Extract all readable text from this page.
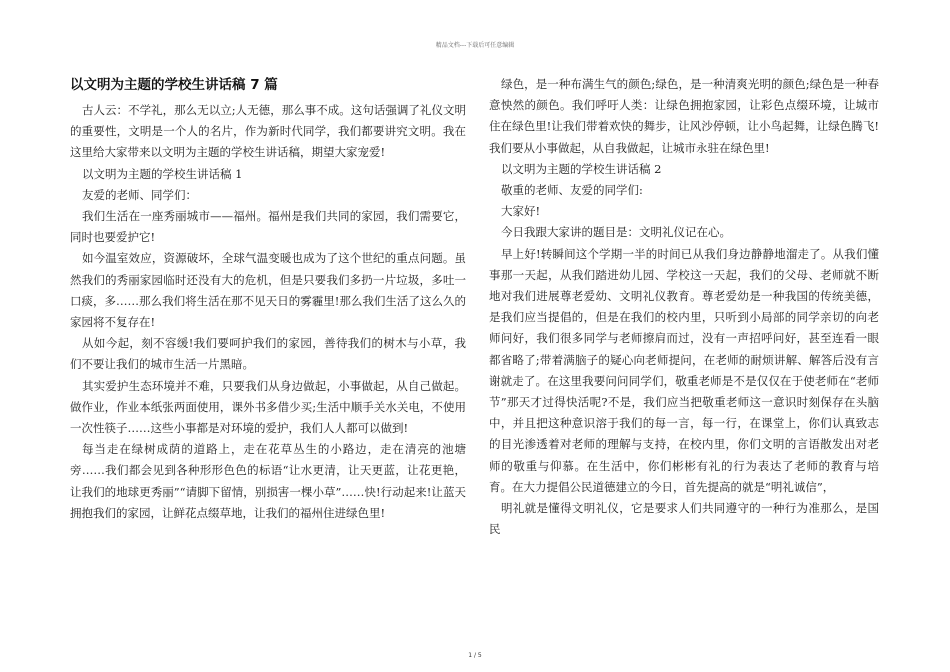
精品文档---下载后可任意编辑
以文明为主题的学校生讲话稿 7 篇

古人云：不学礼，那么无以立;人无德，那么事不成。这句话强调了礼仪文明的重要性，文明是一个人的名片，作为新时代同学，我们都要讲究文明。我在这里给大家带来以文明为主题的学校生讲话稿，期望大家宠爱!

以文明为主题的学校生讲话稿 1

友爱的老师、同学们：

我们生活在一座秀丽城市——福州。福州是我们共同的家园，我们需要它，同时也要爱护它!

如今温室效应，资源破坏，全球气温变暖也成为了这个世纪的重点问题。虽然我们的秀丽家园临时还没有大的危机，但是只要我们多扔一片垃圾，多吐一口痰，多……那么我们将生活在那不见天日的雾霾里!那么我们生活了这么久的家园将不复存在!

从如今起，刻不容缓!我们要呵护我们的家园，善待我们的树木与小草，我们不要让我们的城市生活一片黑暗。

其实爱护生态环境并不难，只要我们从身边做起，小事做起，从自己做起。做作业，作业本纸张两面使用，课外书多借少买;生活中顺手关水关电，不使用一次性筷子……这些小事都是对环境的爱护，我们人人都可以做到!

每当走在绿树成荫的道路上，走在花草丛生的小路边，走在清亮的池塘旁……我们都会见到各种形形色色的标语“让水更清，让天更蓝，让花更艳，让我们的地球更秀丽”“请脚下留情，别损害一棵小草”……快!行动起来!让蓝天拥抱我们的家园，让鲜花点缀草地，让我们的福州住进绿色里!

绿色，是一种布满生气的颜色;绿色，是一种清爽光明的颜色;绿色是一种春意怏然的颜色。我们呼吁人类：让绿色拥抱家园，让彩色点缀环境，让城市住在绿色里!让我们带着欢快的舞步，让风沙停顿，让小鸟起舞，让绿色腾飞!我们要从小事做起，从自我做起，让城市永驻在绿色里!

以文明为主题的学校生讲话稿 2

敬重的老师、友爱的同学们:

大家好!

今日我跟大家讲的题目是：文明礼仪记在心。

早上好!转瞬间这个学期一半的时间已从我们身边静静地溜走了。从我们懂事那一天起，从我们踏进幼儿园、学校这一天起，我们的父母、老师就不断地对我们进展尊老爱幼、文明礼仪教育。尊老爱幼是一种我国的传统美德，是我们应当提倡的，但是在我们的校内里，只听到小局部的同学亲切的向老师问好，我们很多同学与老师擦肩而过，没有一声招呼问好，甚至连看一眼都省略了;带着满脑子的疑心向老师提问，在老师的耐烦讲解、解答后没有言谢就走了。在这里我要问问同学们，敬重老师是不是仅仅在于使老师在“老师节”那天才过得快活呢?不是，我们应当把敬重老师这一意识时刻保存在头脑中，并且把这种意识溶于我们的每一言，每一行，在课堂上，你们认真致志的目光渗透着对老师的理解与支持，在校内里，你们文明的言语散发出对老师的敬重与仰慕。在生活中，你们彬彬有礼的行为表达了老师的教育与培育。在大力提倡公民道德建立的今日，首先提高的就是“明礼诚信”，

明礼就是懂得文明礼仪，它是要求人们共同遵守的一种行为准那么，是国民

1 / 5
